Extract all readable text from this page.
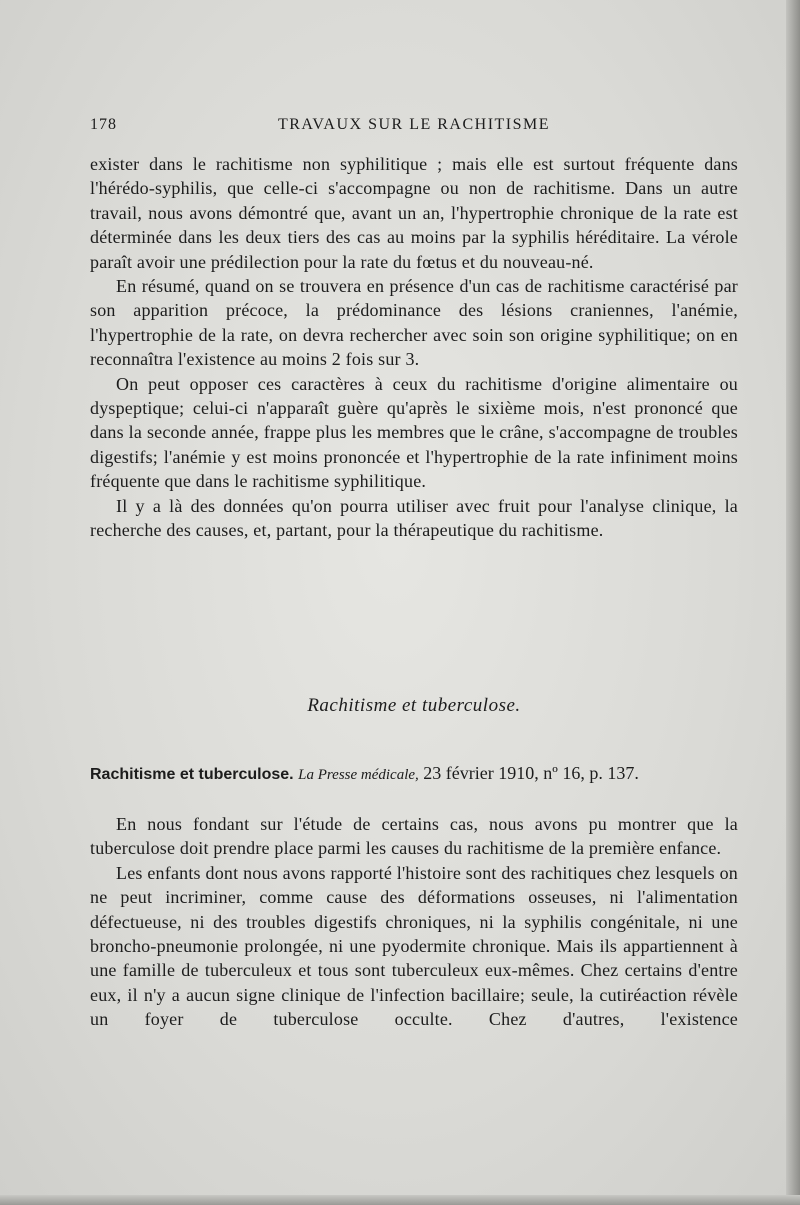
178	TRAVAUX SUR LE RACHITISME

exister dans le rachitisme non syphilitique ; mais elle est surtout fréquente dans l'hérédo-syphilis, que celle-ci s'accompagne ou non de rachitisme. Dans un autre travail, nous avons démontré que, avant un an, l'hypertrophie chronique de la rate est déterminée dans les deux tiers des cas au moins par la syphilis héréditaire. La vérole paraît avoir une prédilection pour la rate du fœtus et du nouveau-né.

En résumé, quand on se trouvera en présence d'un cas de rachitisme caractérisé par son apparition précoce, la prédominance des lésions craniennes, l'anémie, l'hypertrophie de la rate, on devra rechercher avec soin son origine syphilitique; on en reconnaîtra l'existence au moins 2 fois sur 3.

On peut opposer ces caractères à ceux du rachitisme d'origine alimentaire ou dyspeptique; celui-ci n'apparaît guère qu'après le sixième mois, n'est prononcé que dans la seconde année, frappe plus les membres que le crâne, s'accompagne de troubles digestifs; l'anémie y est moins prononcée et l'hypertrophie de la rate infiniment moins fréquente que dans le rachitisme syphilitique.

Il y a là des données qu'on pourra utiliser avec fruit pour l'analyse clinique, la recherche des causes, et, partant, pour la thérapeutique du rachitisme.

Rachitisme et tuberculose.
Rachitisme et tuberculose. La Presse médicale, 23 février 1910, nº 16, p. 137.

En nous fondant sur l'étude de certains cas, nous avons pu montrer que la tuberculose doit prendre place parmi les causes du rachitisme de la première enfance.

Les enfants dont nous avons rapporté l'histoire sont des rachitiques chez lesquels on ne peut incriminer, comme cause des déformations osseuses, ni l'alimentation défectueuse, ni des troubles digestifs chroniques, ni la syphilis congénitale, ni une broncho-pneumonie prolongée, ni une pyodermite chronique. Mais ils appartiennent à une famille de tuberculeux et tous sont tuberculeux eux-mêmes. Chez certains d'entre eux, il n'y a aucun signe clinique de l'infection bacillaire; seule, la cutiréaction révèle un foyer de tuberculose occulte. Chez d'autres, l'existence
